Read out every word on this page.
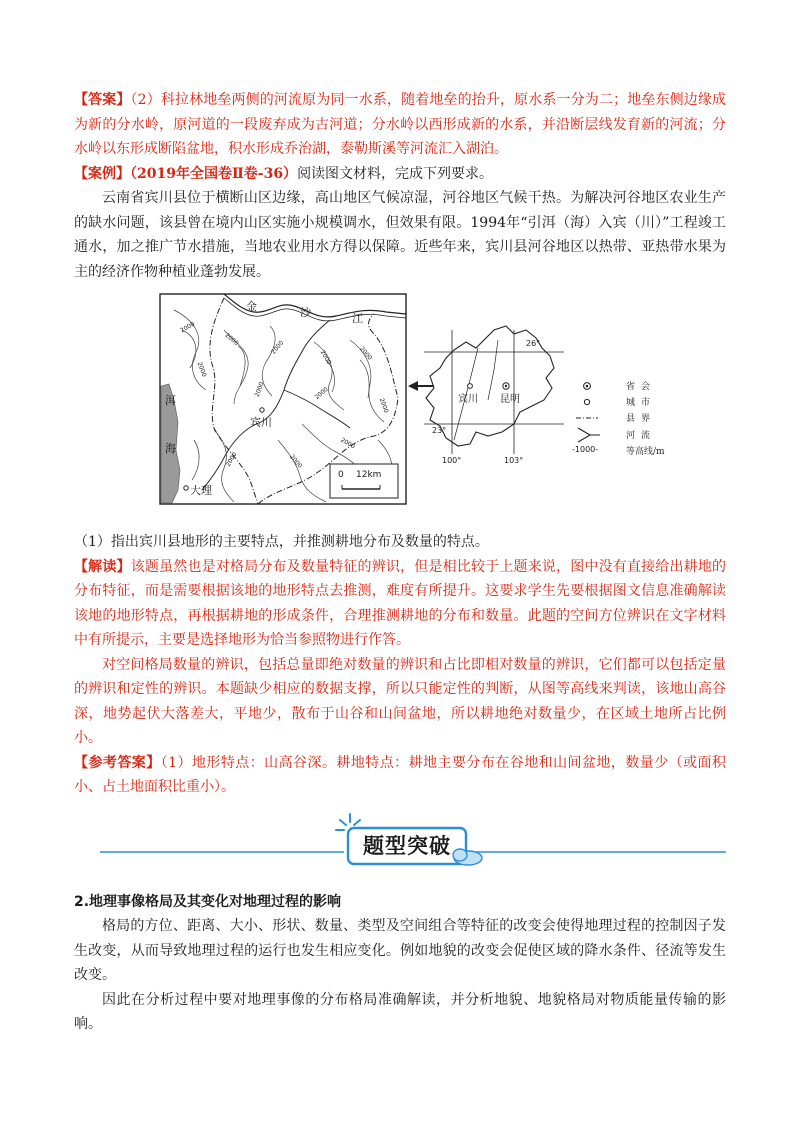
【答案】（2）科拉林地垒两侧的河流原为同一水系，随着地垒的抬升，原水系一分为二；地垒东侧边缘成为新的分水岭，原河道的一段废弃成为古河道；分水岭以西形成新的水系，并沿断层线发育新的河流；分水岭以东形成断陷盆地，积水形成乔治湖，泰勒斯溪等河流汇入湖泊。

【案例】（2019年全国卷Ⅱ卷-36）阅读图文材料，完成下列要求。

云南省宾川县位于横断山区边缘，高山地区气候凉湿，河谷地区气候干热。为解决河谷地区农业生产的缺水问题，该县曾在境内山区实施小规模调水，但效果有限。1994年“引洱（海）入宾（川）”工程竣工通水，加之推广节水措施，当地农业用水方得以保障。近些年来，宾川县河谷地区以热带、亚热带水果为主的经济作物种植业蓬勃发展。

金	沙	江
宾川
洱
海
大理
0 12km
2000
2000	2000
2000	2000
2000
2000
2000	2000
2000
2000
2000
宾川 昆明
26°
23°
100°	103°
省会
城市
县界
河流
-1000-	等高线/m

（1）指出宾川县地形的主要特点，并推测耕地分布及数量的特点。

【解读】该题虽然也是对格局分布及数量特征的辨识，但是相比较于上题来说，图中没有直接给出耕地的分布特征，而是需要根据该地的地形特点去推测，难度有所提升。这要求学生先要根据图文信息准确解读该地的地形特点，再根据耕地的形成条件，合理推测耕地的分布和数量。此题的空间方位辨识在文字材料中有所提示，主要是选择地形为恰当参照物进行作答。

对空间格局数量的辨识，包括总量即绝对数量的辨识和占比即相对数量的辨识，它们都可以包括定量的辨识和定性的辨识。本题缺少相应的数据支撑，所以只能定性的判断，从图等高线来判读，该地山高谷深，地势起伏大落差大，平地少，散布于山谷和山间盆地，所以耕地绝对数量少，在区域土地所占比例小。

【参考答案】（1）地形特点：山高谷深。耕地特点：耕地主要分布在谷地和山间盆地，数量少（或面积小、占土地面积比重小）。

题型突破

2.地理事像格局及其变化对地理过程的影响

格局的方位、距离、大小、形状、数量、类型及空间组合等特征的改变会使得地理过程的控制因子发生改变，从而导致地理过程的运行也发生相应变化。例如地貌的改变会促使区域的降水条件、径流等发生改变。

因此在分析过程中要对地理事像的分布格局准确解读，并分析地貌、地貌格局对物质能量传输的影响。
